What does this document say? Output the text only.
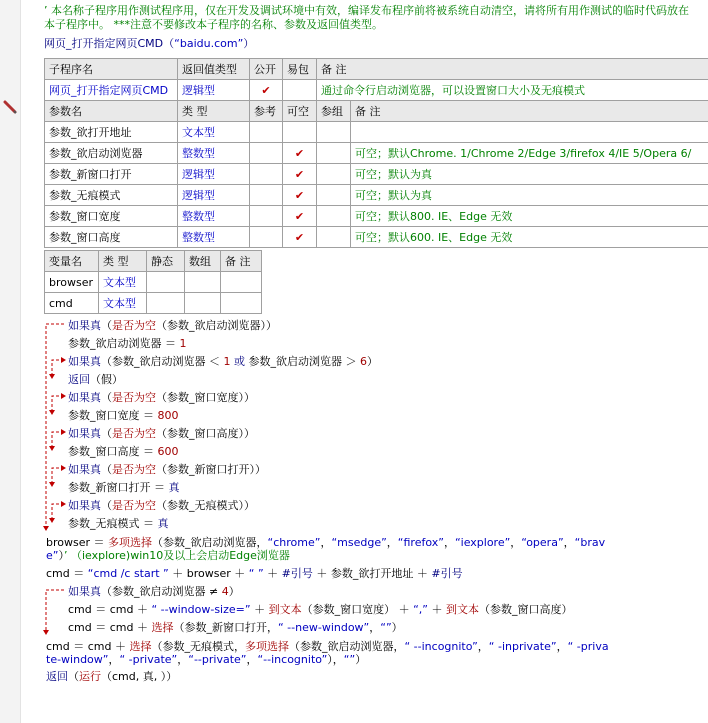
’ 本名称子程序用作测试程序用，仅在开发及调试环境中有效，编译发布程序前将被系统自动清空，请将所有用作测试的临时代码放在本子程序中。 ***注意不要修改本子程序的名称、参数及返回值类型。
网页_打开指定网页CMD（“baidu.com”）
子程序名	返回值类型	公开	易包	备 注	
网页_打开指定网页CMD	逻辑型	✔		通过命令行启动浏览器，可以设置窗口大小及无痕模式	
参数名	类 型	参考	可空	参组	备 注
参数_欲打开地址	文本型				
参数_欲启动浏览器	整数型		✔		可空；默认Chrome. 1/Chrome 2/Edge 3/firefox 4/IE 5/Opera 6/
参数_新窗口打开	逻辑型		✔		可空；默认为真
参数_无痕模式	逻辑型		✔		可空；默认为真
参数_窗口宽度	整数型		✔		可空；默认800. IE、Edge 无效
参数_窗口高度	整数型		✔		可空；默认600. IE、Edge 无效
变量名	类 型	静态	数组	备 注
browser	文本型			
cmd	文本型			
如果真（是否为空（参数_欲启动浏览器））
参数_欲启动浏览器 ＝ 1
如果真（参数_欲启动浏览器 ＜ 1 或 参数_欲启动浏览器 ＞ 6）
返回（假）
如果真（是否为空（参数_窗口宽度））
参数_窗口宽度 ＝ 800
如果真（是否为空（参数_窗口高度））
参数_窗口高度 ＝ 600
如果真（是否为空（参数_新窗口打开））
参数_新窗口打开 ＝ 真
如果真（是否为空（参数_无痕模式））
参数_无痕模式 ＝ 真
browser ＝ 多项选择（参数_欲启动浏览器，“chrome”，“msedge”，“firefox”，“iexplore”，“opera”，“brav
e”）’ （iexplore)win10及以上会启动Edge浏览器
cmd ＝ “cmd /c start ” ＋ browser ＋ “ ” ＋ #引号 ＋ 参数_欲打开地址 ＋ #引号
如果真（参数_欲启动浏览器 ≠ 4）
cmd ＝ cmd ＋ “ --window-size=” ＋ 到文本（参数_窗口宽度） ＋ “,” ＋ 到文本（参数_窗口高度）
cmd ＝ cmd ＋ 选择（参数_新窗口打开，“ --new-window”，“”）
cmd ＝ cmd ＋ 选择（参数_无痕模式，多项选择（参数_欲启动浏览器，“ --incognito”，“ -inprivate”，“ -priva
te-window”，“ -private”，“--private”，“--incognito”），“”）
返回（运行（cmd, 真, ））
